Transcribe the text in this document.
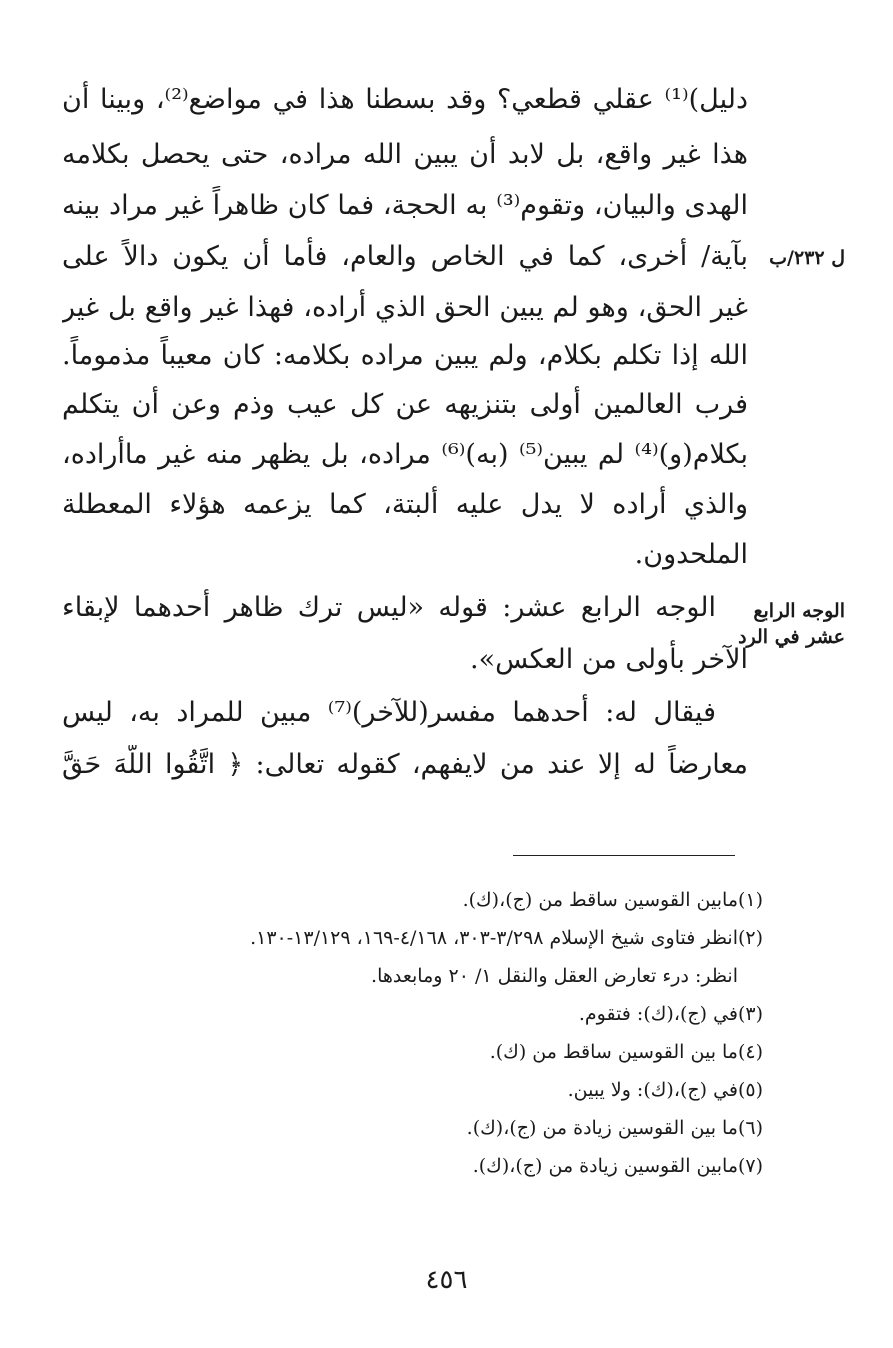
دليل)⁽¹⁾ عقلي قطعي؟ وقد بسطنا هذا في مواضع⁽²⁾، وبينا أن
هذا غير واقع، بل لابد أن يبين الله مراده، حتى يحصل بكلامه
الهدى والبيان، وتقوم⁽³⁾ به الحجة، فما كان ظاهراً غير مراد بينه
بآية/ أخرى، كما في الخاص والعام، فأما أن يكون دالاً على
غير الحق، وهو لم يبين الحق الذي أراده، فهذا غير واقع بل غير
الله إذا تكلم بكلام، ولم يبين مراده بكلامه: كان معيباً مذموماً.
فرب العالمين أولى بتنزيهه عن كل عيب وذم وعن أن يتكلم
بكلام(و)⁽⁴⁾ لم يبين⁽⁵⁾ (به)⁽⁶⁾ مراده، بل يظهر منه غير ماأراده،
والذي أراده لا يدل عليه ألبتة، كما يزعمه هؤلاء المعطلة
الملحدون.
الوجه الرابع عشر: قوله «ليس ترك ظاهر أحدهما لإبقاء
الآخر بأولى من العكس».
فيقال له: أحدهما مفسر(للآخر)⁽⁷⁾ مبين للمراد به، ليس
معارضاً له إلا عند من لايفهم، كقوله تعالى: ﴿ اتَّقُوا اللَّهَ حَقَّ
ل ٢٣٢/ب
الوجه الرابع
عشر في الرد
(١)
مابين القوسين ساقط من (ج)،(ك).
(٢)
انظر فتاوى شيخ الإسلام ٣/٢٩٨-٣٠٣، ٤/١٦٨-١٦٩، ١٣/١٢٩-١٣٠.
انظر: درء تعارض العقل والنقل ١/ ٢٠ ومابعدها.
(٣)
في (ج)،(ك): فتقوم.
(٤)
ما بين القوسين ساقط من (ك).
(٥)
في (ج)،(ك): ولا يبين.
(٦)
ما بين القوسين زيادة من (ج)،(ك).
(٧)
مابين القوسين زيادة من (ج)،(ك).
٤٥٦
